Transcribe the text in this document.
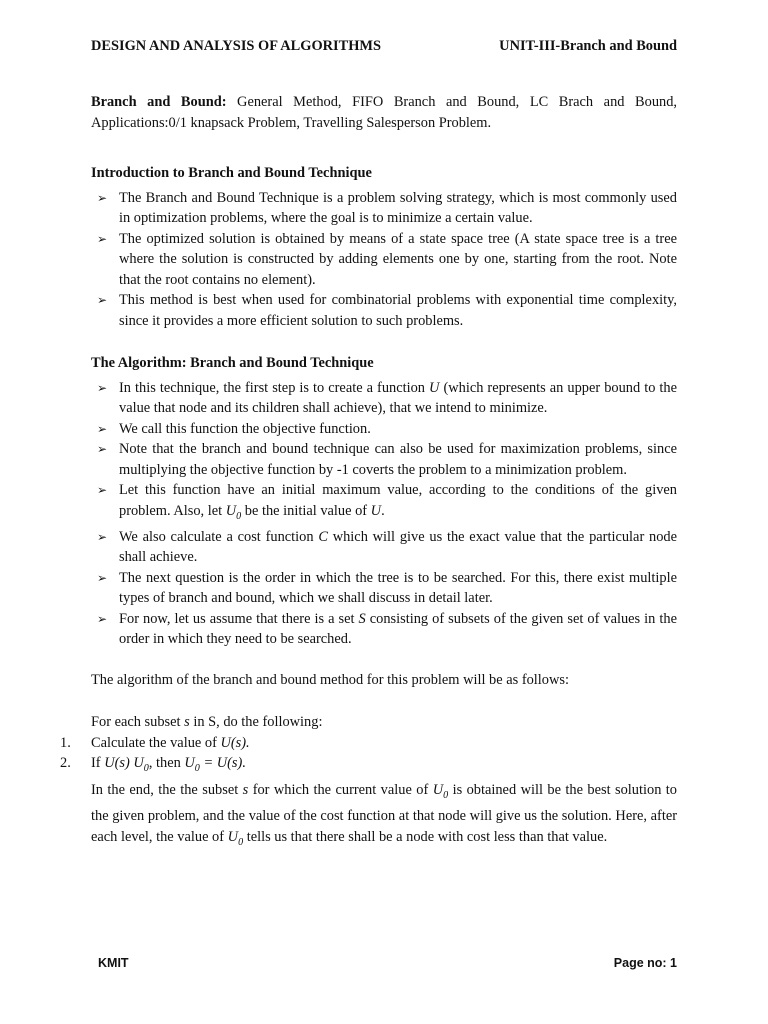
DESIGN AND ANALYSIS OF ALGORITHMS	UNIT-III-Branch and Bound

Branch and Bound: General Method, FIFO Branch and Bound, LC Brach and Bound, Applications:0/1 knapsack Problem, Travelling Salesperson Problem.

Introduction to Branch and Bound Technique
➢ The Branch and Bound Technique is a problem solving strategy, which is most commonly used in optimization problems, where the goal is to minimize a certain value.
➢ The optimized solution is obtained by means of a state space tree (A state space tree is a tree where the solution is constructed by adding elements one by one, starting from the root. Note that the root contains no element).
➢ This method is best when used for combinatorial problems with exponential time complexity, since it provides a more efficient solution to such problems.
The Algorithm: Branch and Bound Technique
➢ In this technique, the first step is to create a function U (which represents an upper bound to the value that node and its children shall achieve), that we intend to minimize.
➢ We call this function the objective function.
➢ Note that the branch and bound technique can also be used for maximization problems, since multiplying the objective function by -1 coverts the problem to a minimization problem.
➢ Let this function have an initial maximum value, according to the conditions of the given problem. Also, let $U_0$ be the initial value of U.
➢ We also calculate a cost function C which will give us the exact value that the particular node shall achieve.
➢ The next question is the order in which the tree is to be searched. For this, there exist multiple types of branch and bound, which we shall discuss in detail later.
➢ For now, let us assume that there is a set S consisting of subsets of the given set of values in the order in which they need to be searched.

The algorithm of the branch and bound method for this problem will be as follows:

For each subset s in S, do the following:

1. Calculate the value of U(s).
2. If U(s) $U_0$, then $U_0 = U(s)$.

In the end, the the subset s for which the current value of $U_0$ is obtained will be the best solution to the given problem, and the value of the cost function at that node will give us the solution. Here, after each level, the value of $U_0$ tells us that there shall be a node with cost less than that value.

KMIT	Page no: 1
